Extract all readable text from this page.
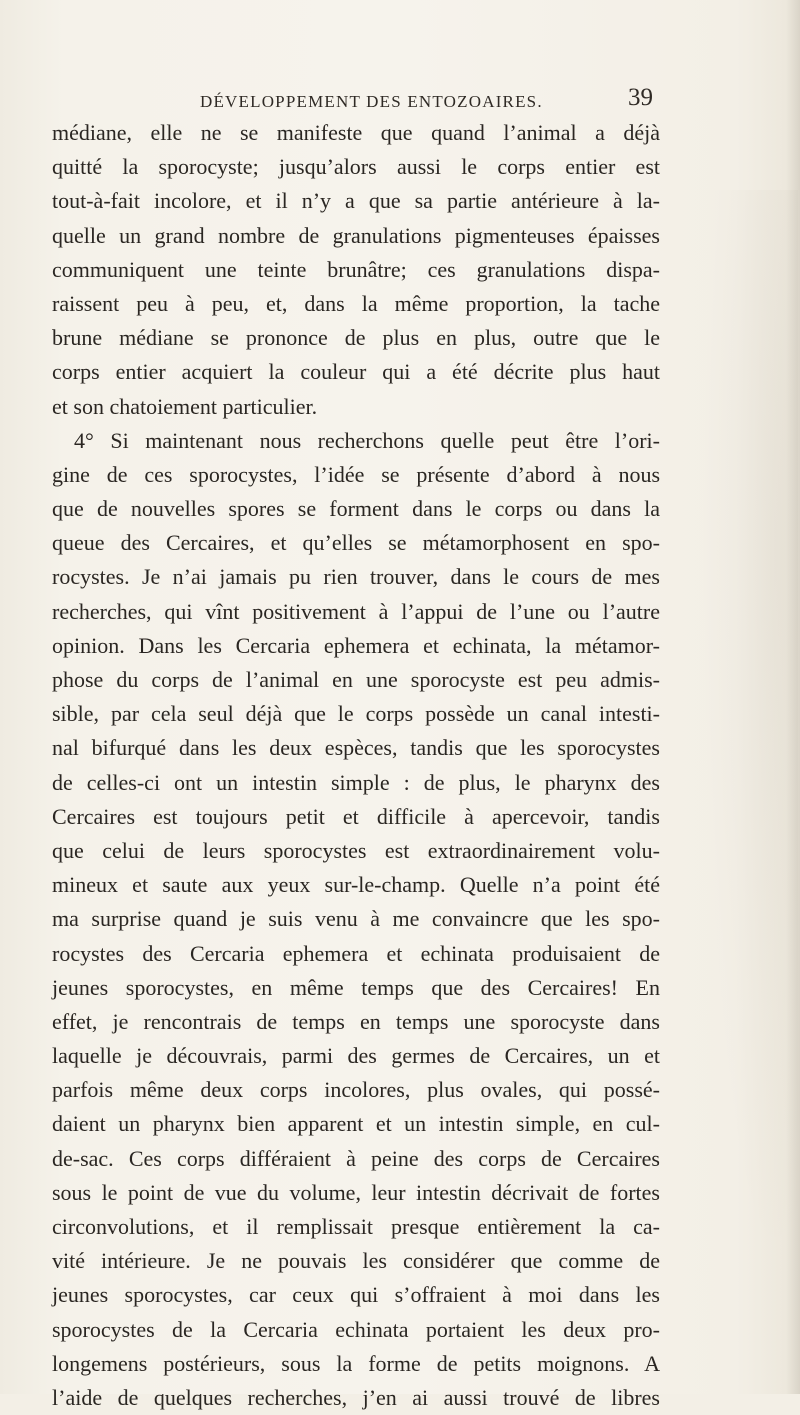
DÉVELOPPEMENT DES ENTOZOAIRES.	39
médiane, elle ne se manifeste que quand l’animal a déjà
quitté la sporocyste; jusqu’alors aussi le corps entier est
tout-à-fait incolore, et il n’y a que sa partie antérieure à la-
quelle un grand nombre de granulations pigmenteuses épaisses
communiquent une teinte brunâtre; ces granulations dispa-
raissent peu à peu, et, dans la même proportion, la tache
brune médiane se prononce de plus en plus, outre que le
corps entier acquiert la couleur qui a été décrite plus haut
et son chatoiement particulier.
4° Si maintenant nous recherchons quelle peut être l’ori-
gine de ces sporocystes, l’idée se présente d’abord à nous
que de nouvelles spores se forment dans le corps ou dans la
queue des Cercaires, et qu’elles se métamorphosent en spo-
rocystes. Je n’ai jamais pu rien trouver, dans le cours de mes
recherches, qui vînt positivement à l’appui de l’une ou l’autre
opinion. Dans les Cercaria ephemera et echinata, la métamor-
phose du corps de l’animal en une sporocyste est peu admis-
sible, par cela seul déjà que le corps possède un canal intesti-
nal bifurqué dans les deux espèces, tandis que les sporocystes
de celles-ci ont un intestin simple : de plus, le pharynx des
Cercaires est toujours petit et difficile à apercevoir, tandis
que celui de leurs sporocystes est extraordinairement volu-
mineux et saute aux yeux sur-le-champ. Quelle n’a point été
ma surprise quand je suis venu à me convaincre que les spo-
rocystes des Cercaria ephemera et echinata produisaient de
jeunes sporocystes, en même temps que des Cercaires! En
effet, je rencontrais de temps en temps une sporocyste dans
laquelle je découvrais, parmi des germes de Cercaires, un et
parfois même deux corps incolores, plus ovales, qui possé-
daient un pharynx bien apparent et un intestin simple, en cul-
de-sac. Ces corps différaient à peine des corps de Cercaires
sous le point de vue du volume, leur intestin décrivait de fortes
circonvolutions, et il remplissait presque entièrement la ca-
vité intérieure. Je ne pouvais les considérer que comme de
jeunes sporocystes, car ceux qui s’offraient à moi dans les
sporocystes de la Cercaria echinata portaient les deux pro-
longemens postérieurs, sous la forme de petits moignons. A
l’aide de quelques recherches, j’en ai aussi trouvé de libres
